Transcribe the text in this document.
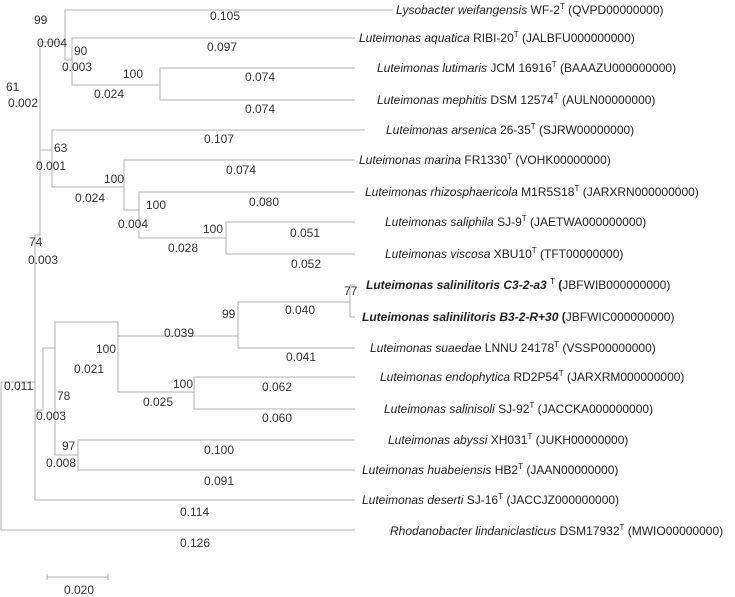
99
90
100
61
63
100
100
100
74
77
99
100
100
78
97
0.105
0.004	0.097
0.003
0.074
0.024
0.074
0.002
0.107
0.001	0.074
0.024	0.080
0.004
0.051
0.028
0.052
0.003
0.040
0.039
0.041
0.021
0.062
0.025
0.060
0.011
0.003
0.100
0.008
0.091
0.114
0.126
Lysobacter weifangensis $WF-2^T$ (QVPD00000000)
Luteimonas aquatica RIBI-$20^T$ (JALBFU000000000)
Luteimonas lutimaris JCM $16916^T$ (BAAAZU000000000)
Luteimonas mephitis DSM $12574^T$ (AULN00000000)
Luteimonas arsenica $26-35^T$ (SJRW00000000)
Luteimonas marina $FR1330^T$ (VOHK00000000)
Luteimonas rhizosphaericola $M1R5S18^T$ (JARXRN000000000)
Luteimonas saliphila $SJ-9^T$ (JAETWA000000000)
Luteimonas viscosa $XBU10^T$ (TFT00000000)
Luteimonas salinilitoris C3-2-a3 $^T$ (JBFWIB000000000)
Luteimonas salinilitoris B3-2-R+30 (JBFWIC000000000)
Luteimonas suaedae LNNU $24178^T$ (VSSP00000000)
Luteimonas endophytica $RD2P54^T$ (JARXRM000000000)
Luteimonas salinisoli $SJ-92^T$ (JACCKA000000000)
Luteimonas abyssi $XH031^T$ (JUKH00000000)
Luteimonas huabeiensis $HB2^T$ (JAAN00000000)
Luteimonas deserti $SJ-16^T$ (JACCJZ000000000)
Rhodanobacter lindaniclasticus $DSM17932^T$ (MWIO00000000)
0.020
